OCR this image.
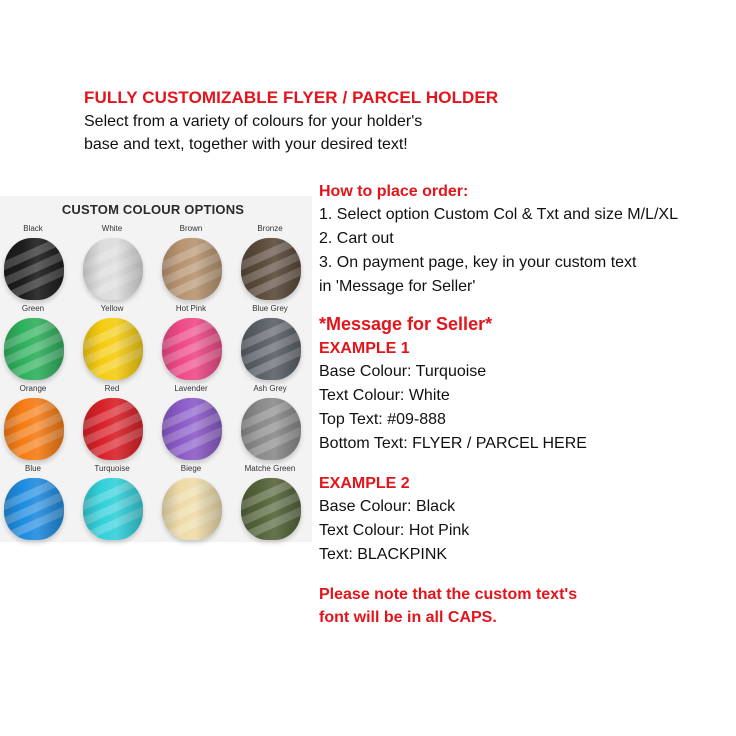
FULLY CUSTOMIZABLE FLYER / PARCEL HOLDER
Select from a variety of colours for your holder's
base and text, together with your desired text!
CUSTOM COLOUR OPTIONS
Black	White	Brown	Bronze
Green	Yellow	Hot Pink	Blue Grey
Orange	Red	Lavender	Ash Grey
Blue	Turquoise	Biege	Matche Green
How to place order:
1. Select option Custom Col & Txt and size M/L/XL
2. Cart out
3. On payment page, key in your custom text
in 'Message for Seller'
*Message for Seller*
EXAMPLE 1
Base Colour: Turquoise
Text Colour: White
Top Text: #09-888
Bottom Text: FLYER / PARCEL HERE
EXAMPLE 2
Base Colour: Black
Text Colour: Hot Pink
Text: BLACKPINK
Please note that the custom text's
font will be in all CAPS.
